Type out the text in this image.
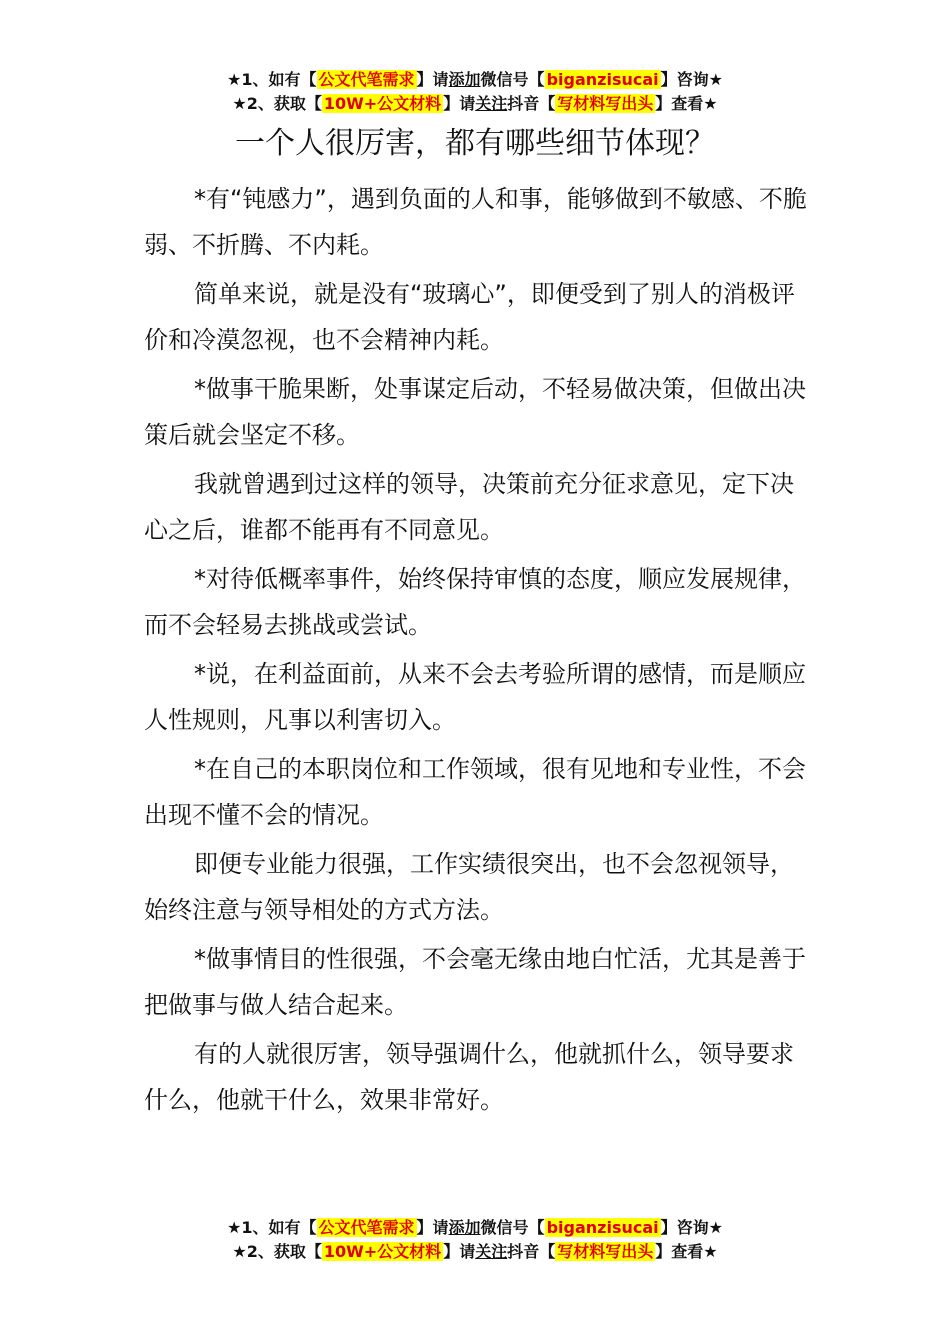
★1、如有【 公文代笔需求 】请添加微信号【 biganzisucai 】咨询★
★2、获取【 10W+公文材料 】请关注抖音【 写材料写出头 】查看★
一个人很厉害，都有哪些细节体现？

*有“钝感力”，遇到负面的人和事，能够做到不敏感、不脆弱、不折腾、不内耗。

简单来说，就是没有“玻璃心”，即便受到了别人的消极评价和冷漠忽视，也不会精神内耗。

*做事干脆果断，处事谋定后动，不轻易做决策，但做出决策后就会坚定不移。

我就曾遇到过这样的领导，决策前充分征求意见，定下决心之后，谁都不能再有不同意见。

*对待低概率事件，始终保持审慎的态度，顺应发展规律，而不会轻易去挑战或尝试。

*说，在利益面前，从来不会去考验所谓的感情，而是顺应人性规则，凡事以利害切入。

*在自己的本职岗位和工作领域，很有见地和专业性，不会出现不懂不会的情况。

即便专业能力很强，工作实绩很突出，也不会忽视领导，始终注意与领导相处的方式方法。

*做事情目的性很强，不会毫无缘由地白忙活，尤其是善于把做事与做人结合起来。

有的人就很厉害，领导强调什么，他就抓什么，领导要求什么，他就干什么，效果非常好。

★1、如有【 公文代笔需求 】请添加微信号【 biganzisucai 】咨询★
★2、获取【 10W+公文材料 】请关注抖音【 写材料写出头 】查看★
